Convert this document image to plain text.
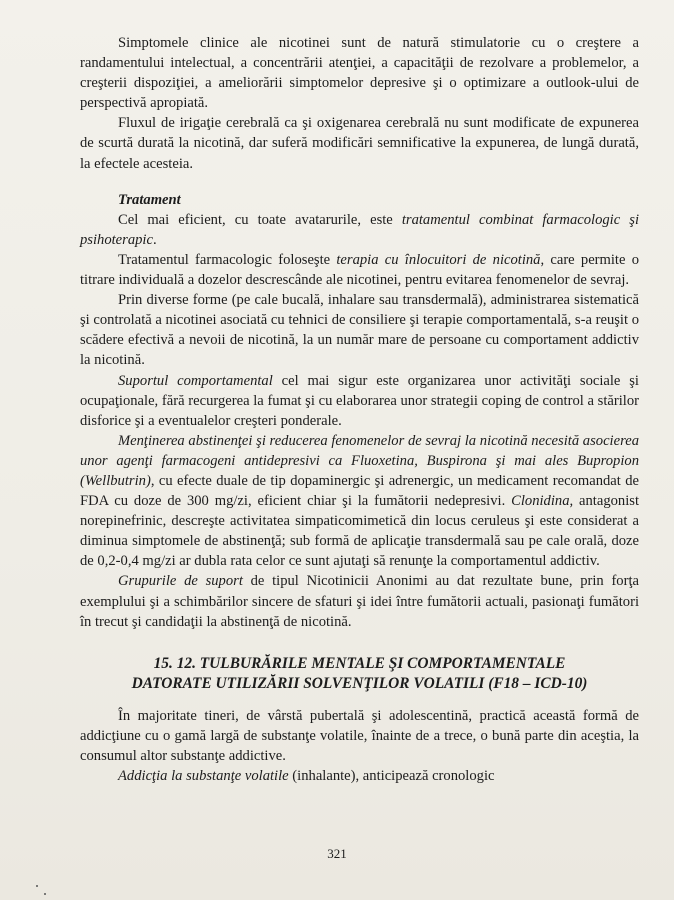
Simptomele clinice ale nicotinei sunt de natură stimulatorie cu o creştere a randamentului intelectual, a concentrării atenţiei, a capacităţii de rezolvare a problemelor, a creşterii dispoziţiei, a ameliorării simptomelor depresive şi o optimizare a outlook-ului de perspectivă apropiată.

Fluxul de irigaţie cerebrală ca şi oxigenarea cerebrală nu sunt modificate de expunerea de scurtă durată la nicotină, dar suferă modificări semnificative la expunerea, de lungă durată, la efectele acesteia.

Tratament

Cel mai eficient, cu toate avatarurile, este tratamentul combinat farmacologic şi psihoterapic.

Tratamentul farmacologic foloseşte terapia cu înlocuitori de nicotină, care permite o titrare individuală a dozelor descrescânde ale nicotinei, pentru evitarea fenomenelor de sevraj.

Prin diverse forme (pe cale bucală, inhalare sau transdermală), administrarea sistematică şi controlată a nicotinei asociată cu tehnici de consiliere şi terapie comportamentală, s-a reuşit o scădere efectivă a nevoii de nicotină, la un număr mare de persoane cu comportament addictiv la nicotină.

Suportul comportamental cel mai sigur este organizarea unor activităţi sociale şi ocupaţionale, fără recurgerea la fumat şi cu elaborarea unor strategii coping de control a stărilor disforice şi a eventualelor creşteri ponderale.

Menţinerea abstinenţei şi reducerea fenomenelor de sevraj la nicotină necesită asocierea unor agenţi farmacogeni antidepresivi ca Fluoxetina, Buspirona şi mai ales Bupropion (Wellbutrin), cu efecte duale de tip dopaminergic şi adrenergic, un medicament recomandat de FDA cu doze de 300 mg/zi, eficient chiar şi la fumătorii nedepresivi. Clonidina, antagonist norepinefrinic, descreşte activitatea simpaticomimetică din locus ceruleus şi este considerat a diminua simptomele de abstinenţă; sub formă de aplicaţie transdermală sau pe cale orală, doze de 0,2-0,4 mg/zi ar dubla rata celor ce sunt ajutaţi să renunţe la comportamentul addictiv.

Grupurile de suport de tipul Nicotinicii Anonimi au dat rezultate bune, prin forţa exemplului şi a schimbărilor sincere de sfaturi şi idei între fumătorii actuali, pasionaţi fumători în trecut şi candidaţii la abstinenţă de nicotină.

15. 12. TULBURĂRILE MENTALE ŞI COMPORTAMENTALE
DATORATE UTILIZĂRII SOLVENŢILOR VOLATILI (F18 – ICD-10)

În majoritate tineri, de vârstă pubertală şi adolescentină, practică această formă de addicţiune cu o gamă largă de substanţe volatile, înainte de a trece, o bună parte din aceştia, la consumul altor substanţe addictive.

Addicţia la substanţe volatile (inhalante), anticipează cronologic

321
